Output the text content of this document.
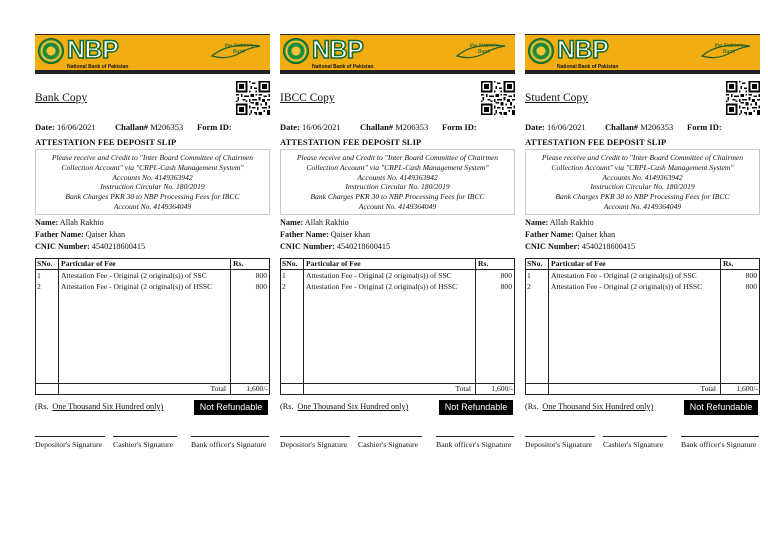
NBP
National Bank of Pakistan
the Nation's Bank
Bank Copy
Date: 16/06/2021	Challan# M206353	Form ID:
ATTESTATION FEE DEPOSIT SLIP
Please receive and Credit to "Inter Board Committee of Chairmen
Collection Account" via "CRPL-Cash Management System"
Accounts No. 4149363942
Instruction Circular No. 180/2019
Bank Charges PKR 30 to NBP Processing Fees for IBCC
Account No. 4149364049
Name: Allah Rakhio
Father Name: Qaiser khan
CNIC Number: 4540218600415
SNo. Particular of Fee	Rs.
1	Attestation Fee - Original (2 original(s)) of SSC	800
2	Attestation Fee - Original (2 original(s)) of HSSC	800
Total	1,600/-
(Rs. One Thousand Six Hundred only)	Not Refundable
Depositor's Signature Cashier's Signature Bank officer's Signature
NBP
National Bank of Pakistan
the Nation's Bank
IBCC Copy
Date: 16/06/2021	Challan# M206353	Form ID:
ATTESTATION FEE DEPOSIT SLIP
Please receive and Credit to "Inter Board Committee of Chairmen
Collection Account" via "CRPL-Cash Management System"
Accounts No. 4149363942
Instruction Circular No. 180/2019
Bank Charges PKR 30 to NBP Processing Fees for IBCC
Account No. 4149364049
Name: Allah Rakhio
Father Name: Qaiser khan
CNIC Number: 4540218600415
SNo. Particular of Fee	Rs.
1	Attestation Fee - Original (2 original(s)) of SSC	800
2	Attestation Fee - Original (2 original(s)) of HSSC	800
Total	1,600/-
(Rs. One Thousand Six Hundred only)	Not Refundable
Depositor's Signature Cashier's Signature Bank officer's Signature
NBP
National Bank of Pakistan
the Nation's Bank
Student Copy
Date: 16/06/2021	Challan# M206353	Form ID:
ATTESTATION FEE DEPOSIT SLIP
Please receive and Credit to "Inter Board Committee of Chairmen
Collection Account" via "CRPL-Cash Management System"
Accounts No. 4149363942
Instruction Circular No. 180/2019
Bank Charges PKR 30 to NBP Processing Fees for IBCC
Account No. 4149364049
Name: Allah Rakhio
Father Name: Qaiser khan
CNIC Number: 4540218600415
SNo. Particular of Fee	Rs.
1	Attestation Fee - Original (2 original(s)) of SSC	800
2	Attestation Fee - Original (2 original(s)) of HSSC	800
Total	1,600/-
(Rs. One Thousand Six Hundred only)	Not Refundable
Depositor's Signature Cashier's Signature Bank officer's Signature
